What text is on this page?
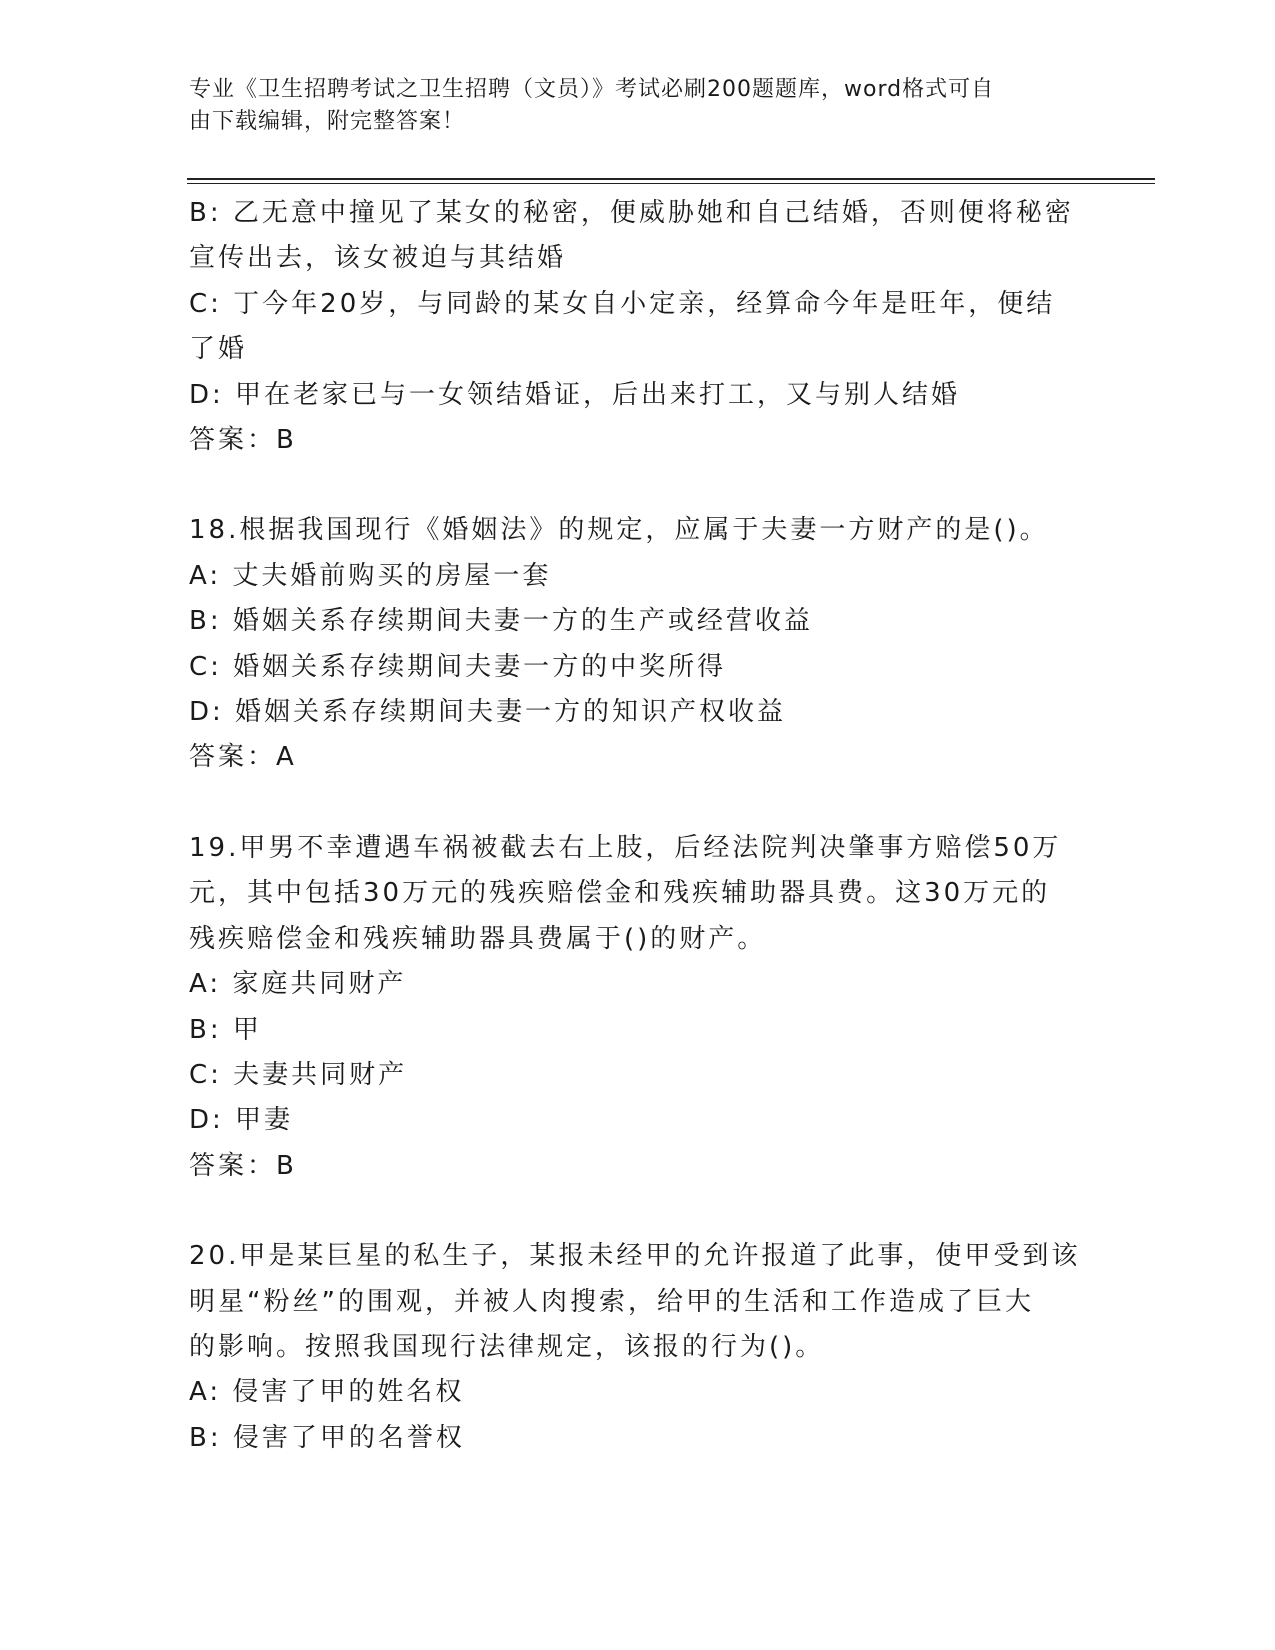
专业《卫生招聘考试之卫生招聘（文员）》考试必刷200题题库，word格式可自
由下载编辑，附完整答案！
B: 乙无意中撞见了某女的秘密，便威胁她和自己结婚，否则便将秘密
宣传出去，该女被迫与其结婚
C: 丁今年20岁，与同龄的某女自小定亲，经算命今年是旺年，便结
了婚
D: 甲在老家已与一女领结婚证，后出来打工，又与别人结婚
答案：B
18.根据我国现行《婚姻法》的规定，应属于夫妻一方财产的是()。
A: 丈夫婚前购买的房屋一套
B: 婚姻关系存续期间夫妻一方的生产或经营收益
C: 婚姻关系存续期间夫妻一方的中奖所得
D: 婚姻关系存续期间夫妻一方的知识产权收益
答案：A
19.甲男不幸遭遇车祸被截去右上肢，后经法院判决肇事方赔偿50万
元，其中包括30万元的残疾赔偿金和残疾辅助器具费。这30万元的
残疾赔偿金和残疾辅助器具费属于()的财产。
A: 家庭共同财产
B: 甲
C: 夫妻共同财产
D: 甲妻
答案：B
20.甲是某巨星的私生子，某报未经甲的允许报道了此事，使甲受到该
明星“粉丝”的围观，并被人肉搜索，给甲的生活和工作造成了巨大
的影响。按照我国现行法律规定，该报的行为()。
A: 侵害了甲的姓名权
B: 侵害了甲的名誉权
